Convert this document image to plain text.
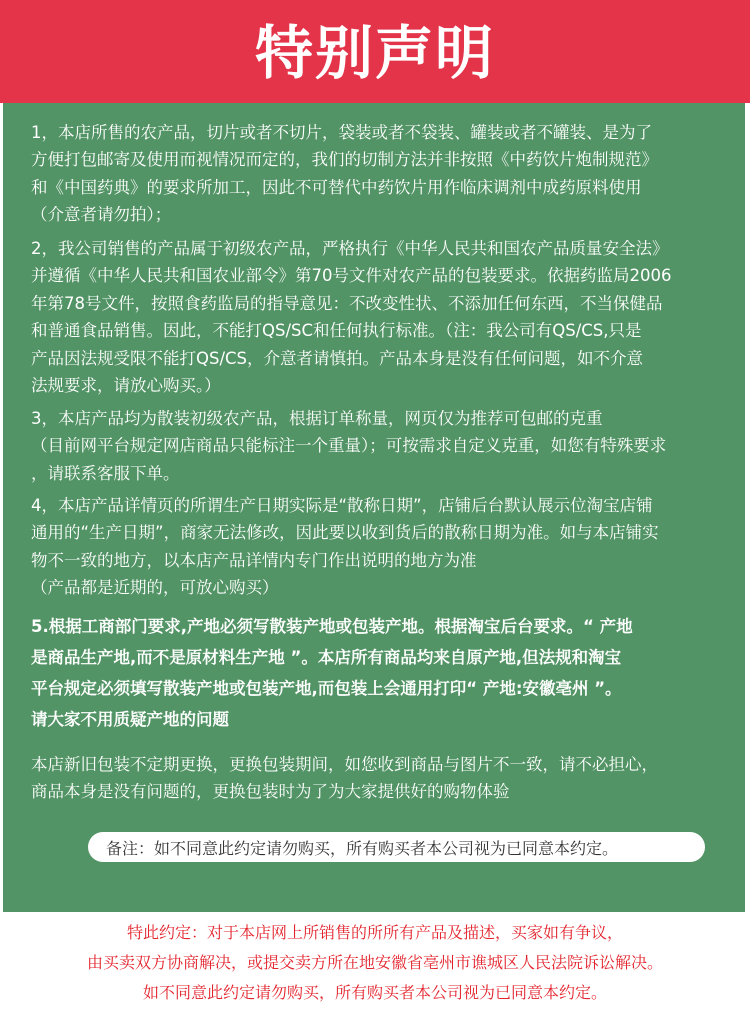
特别声明
1，本店所售的农产品，切片或者不切片，袋装或者不袋装、罐装或者不罐装、是为了
方便打包邮寄及使用而视情况而定的，我们的切制方法并非按照《中药饮片炮制规范》
和《中国药典》的要求所加工，因此不可替代中药饮片用作临床调剂中成药原料使用
（介意者请勿拍）；
2，我公司销售的产品属于初级农产品，严格执行《中华人民共和国农产品质量安全法》
并遵循《中华人民共和国农业部令》第70号文件对农产品的包装要求。依据药监局2006
年第78号文件，按照食药监局的指导意见：不改变性状、不添加任何东西，不当保健品
和普通食品销售。因此，不能打QS/SC和任何执行标准。（注：我公司有QS/CS,只是
产品因法规受限不能打QS/CS，介意者请慎拍。产品本身是没有任何问题，如不介意
法规要求，请放心购买。）
3，本店产品均为散装初级农产品，根据订单称量，网页仅为推荐可包邮的克重
（目前网平台规定网店商品只能标注一个重量）；可按需求自定义克重，如您有特殊要求
，请联系客服下单。
4，本店产品详情页的所谓生产日期实际是“散称日期”，店铺后台默认展示位淘宝店铺
通用的“生产日期”，商家无法修改，因此要以收到货后的散称日期为准。如与本店铺实
物不一致的地方，以本店产品详情内专门作出说明的地方为准
（产品都是近期的，可放心购买）
5.根据工商部门要求,产地必须写散装产地或包装产地。根据淘宝后台要求。“ 产地
是商品生产地,而不是原材料生产地 ”。本店所有商品均来自原产地,但法规和淘宝
平台规定必须填写散装产地或包装产地,而包装上会通用打印“ 产地:安徽亳州 ”。
请大家不用质疑产地的问题
本店新旧包装不定期更换，更换包装期间，如您收到商品与图片不一致，请不必担心，
商品本身是没有问题的，更换包装时为了为大家提供好的购物体验
备注：如不同意此约定请勿购买，所有购买者本公司视为已同意本约定。
特此约定：对于本店网上所销售的所所有产品及描述，买家如有争议，
由买卖双方协商解决，或提交卖方所在地安徽省亳州市谯城区人民法院诉讼解决。
如不同意此约定请勿购买，所有购买者本公司视为已同意本约定。
